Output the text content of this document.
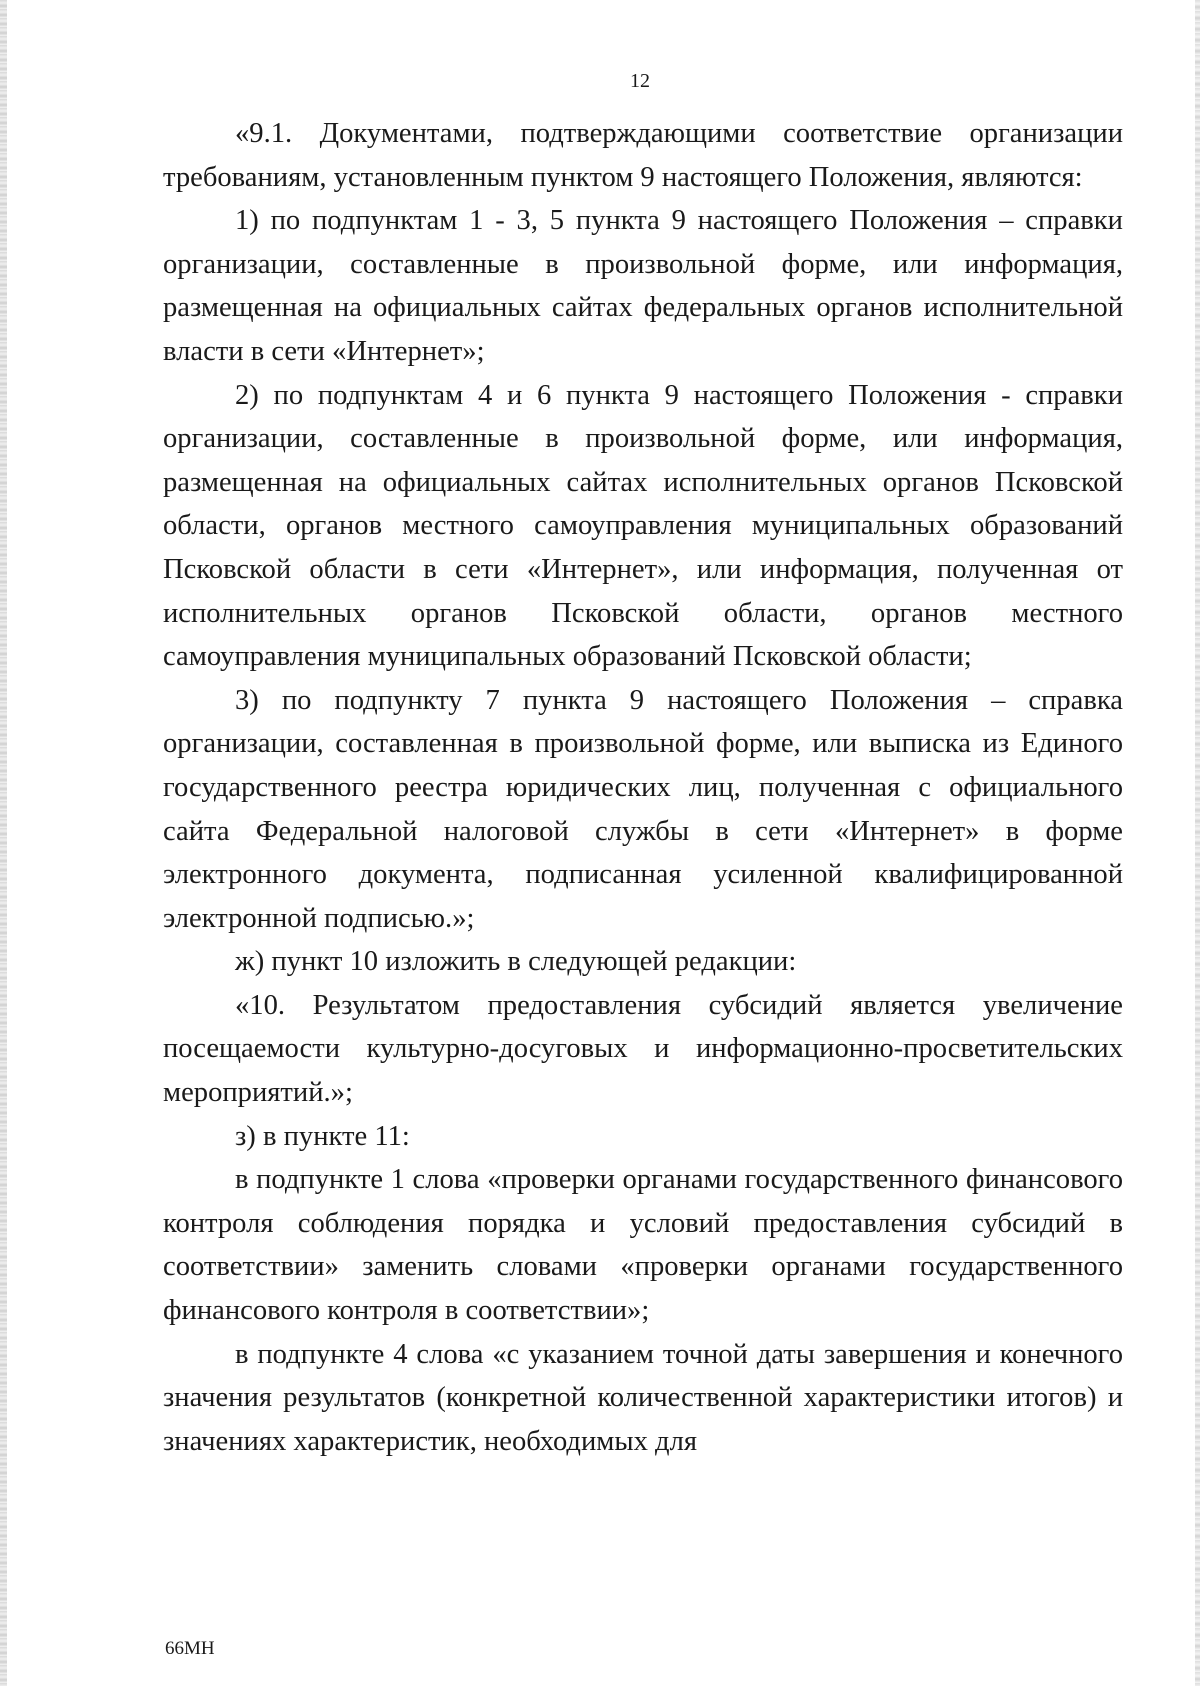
12

«9.1. Документами, подтверждающими соответствие организации требованиям, установленным пунктом 9 настоящего Положения, являются:

1) по подпунктам 1 - 3, 5 пункта 9 настоящего Положения – справки организации, составленные в произвольной форме, или информация, размещенная на официальных сайтах федеральных органов исполнительной власти в сети «Интернет»;

2) по подпунктам 4 и 6 пункта 9 настоящего Положения - справки организации, составленные в произвольной форме, или информация, размещенная на официальных сайтах исполнительных органов Псковской области, органов местного самоуправления муниципальных образований Псковской области в сети «Интернет», или информация, полученная от исполнительных органов Псковской области, органов местного самоуправления муниципальных образований Псковской области;

3) по подпункту 7 пункта 9 настоящего Положения – справка организации, составленная в произвольной форме, или выписка из Единого государственного реестра юридических лиц, полученная с официального сайта Федеральной налоговой службы в сети «Интернет» в форме электронного документа, подписанная усиленной квалифицированной электронной подписью.»;

ж) пункт 10 изложить в следующей редакции:

«10. Результатом предоставления субсидий является увеличение посещаемости культурно-досуговых и информационно-просветительских мероприятий.»;

з) в пункте 11:

в подпункте 1 слова «проверки органами государственного финансового контроля соблюдения порядка и условий предоставления субсидий в соответствии» заменить словами «проверки органами государственного финансового контроля в соответствии»;

в подпункте 4 слова «с указанием точной даты завершения и конечного значения результатов (конкретной количественной характеристики итогов) и значениях характеристик, необходимых для

66МН
